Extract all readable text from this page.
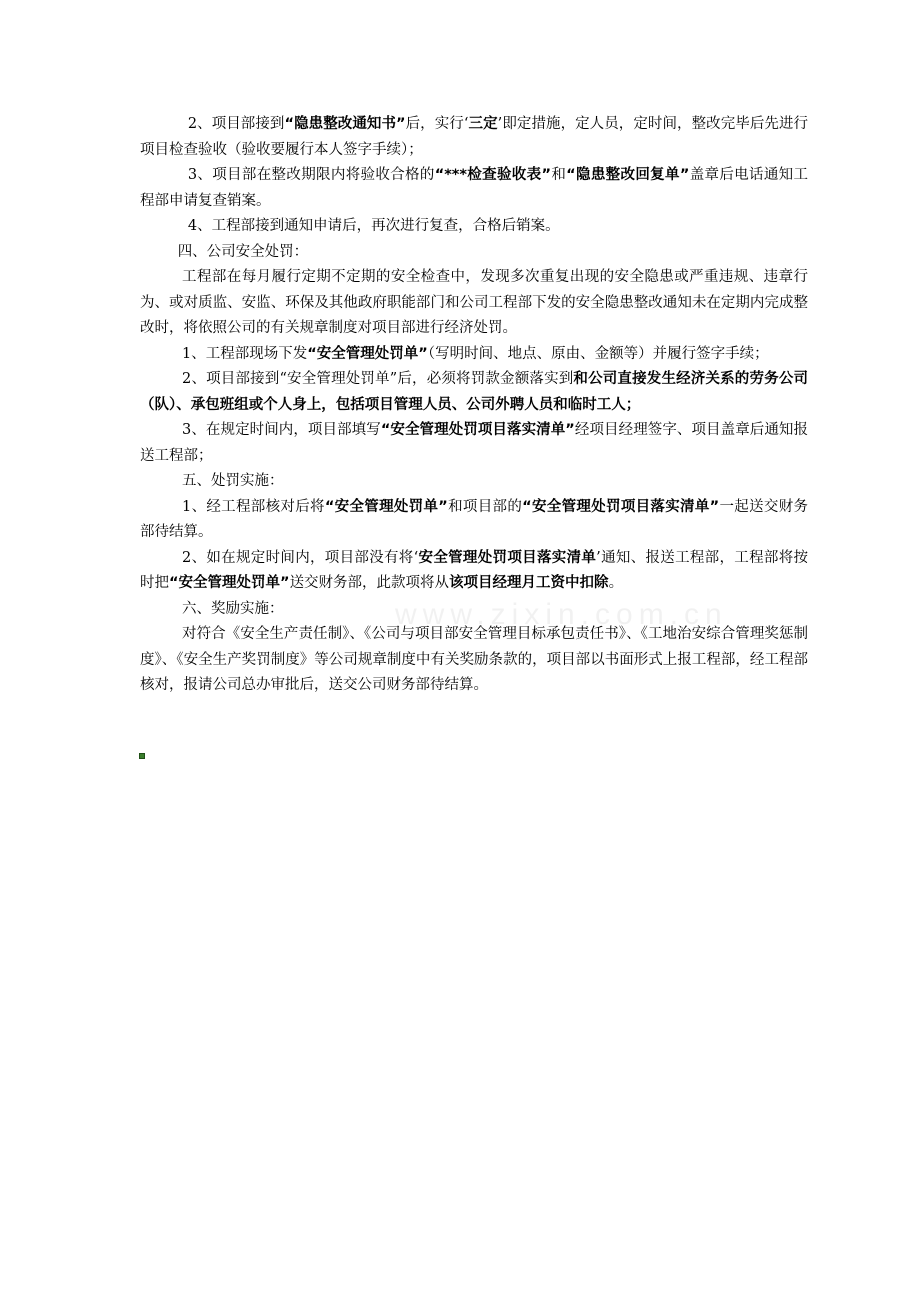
2、项目部接到“隐患整改通知书”后，实行‘三定’即定措施，定人员，定时间，整改完毕后先进行项目检查验收（验收要履行本人签字手续）；

3、项目部在整改期限内将验收合格的“***检查验收表”和“隐患整改回复单”盖章后电话通知工程部申请复查销案。

4、工程部接到通知申请后，再次进行复查，合格后销案。

四、公司安全处罚：

工程部在每月履行定期不定期的安全检查中，发现多次重复出现的安全隐患或严重违规、违章行为、或对质监、安监、环保及其他政府职能部门和公司工程部下发的安全隐患整改通知未在定期内完成整改时，将依照公司的有关规章制度对项目部进行经济处罚。

1、工程部现场下发“安全管理处罚单”（写明时间、地点、原由、金额等）并履行签字手续；

2、项目部接到“安全管理处罚单”后，必须将罚款金额落实到和公司直接发生经济关系的劳务公司（队）、承包班组或个人身上，包括项目管理人员、公司外聘人员和临时工人；

3、在规定时间内，项目部填写“安全管理处罚项目落实清单”经项目经理签字、项目盖章后通知报送工程部；

五、处罚实施：

1、经工程部核对后将“安全管理处罚单”和项目部的“安全管理处罚项目落实清单”一起送交财务部待结算。

2、如在规定时间内，项目部没有将‘安全管理处罚项目落实清单’通知、报送工程部，工程部将按时把“安全管理处罚单”送交财务部，此款项将从该项目经理月工资中扣除。

六、奖励实施：

对符合《安全生产责任制》、《公司与项目部安全管理目标承包责任书》、《工地治安综合管理奖惩制度》、《安全生产奖罚制度》等公司规章制度中有关奖励条款的，项目部以书面形式上报工程部，经工程部核对，报请公司总办审批后，送交公司财务部待结算。

www.zixin.com.cn
